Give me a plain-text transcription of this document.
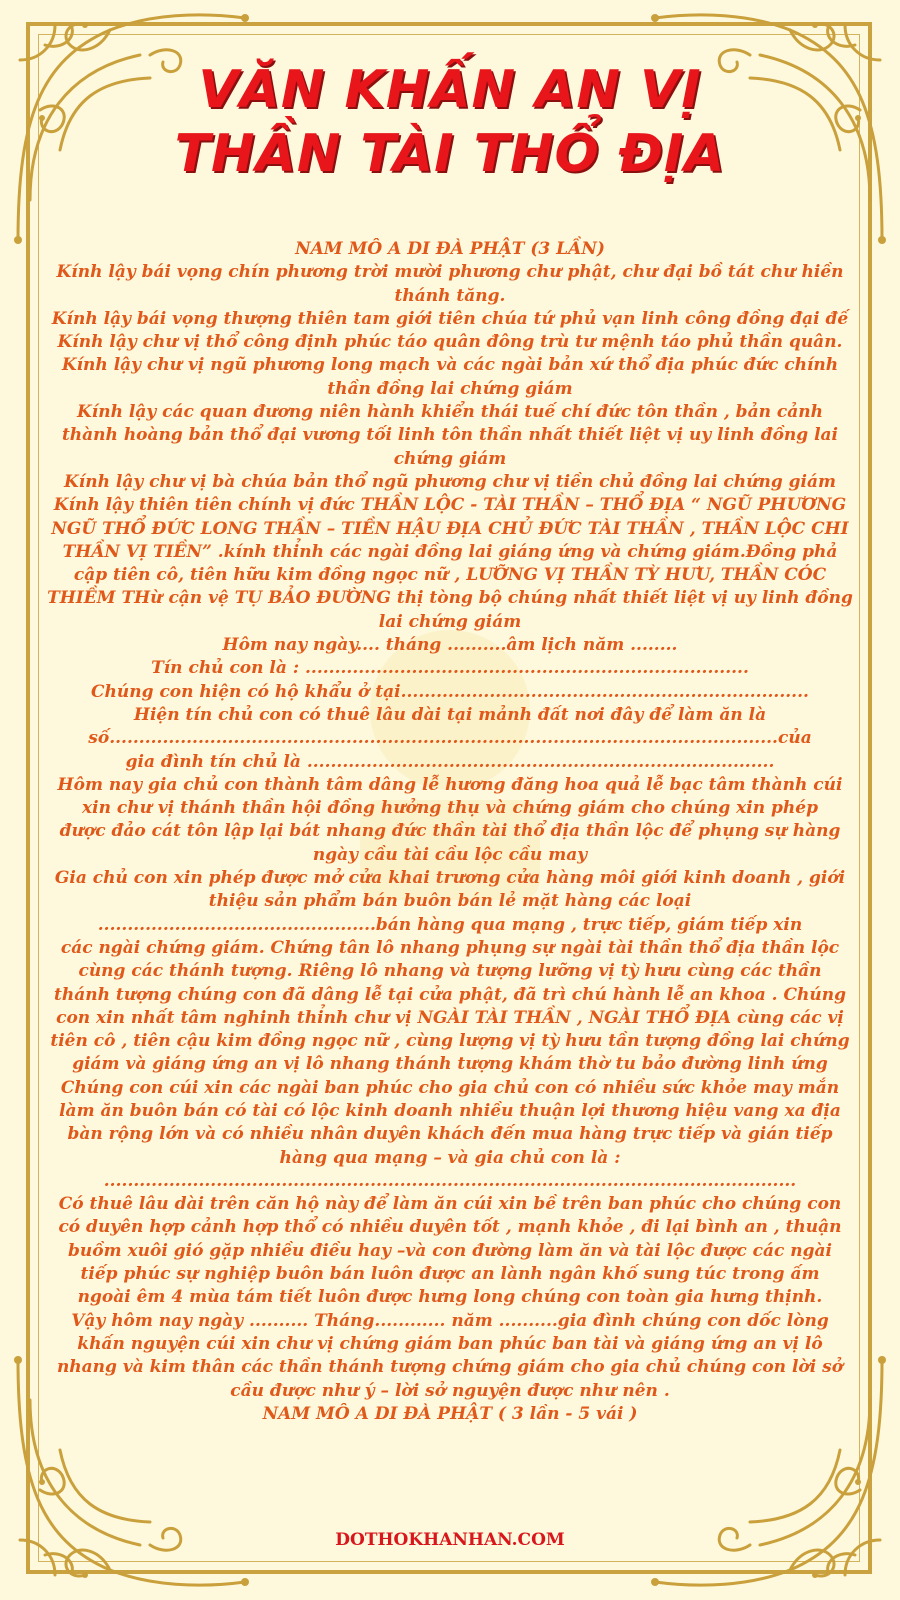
VĂN KHẤN AN VỊ
THẦN TÀI THỔ ĐỊA

NAM MÔ A DI ĐÀ PHẬT (3 LẦN)

Kính lậy bái vọng chín phương trời mười phương chư phật, chư đại bồ tát chư hiền

thánh tăng.

Kính lậy bái vọng thượng thiên tam giới tiên chúa tứ phủ vạn linh công đồng đại đế

Kính lậy chư vị thổ công định phúc táo quân đông trù tư mệnh táo phủ thần quân.

Kính lậy chư vị ngũ phương long mạch và các ngài bản xứ thổ địa phúc đức chính

thần đồng lai chứng giám

Kính lậy các quan đương niên hành khiển thái tuế chí đức tôn thần , bản cảnh

thành hoàng bản thổ đại vương tối linh tôn thần nhất thiết liệt vị uy linh đồng lai

chứng giám

Kính lậy chư vị bà chúa bản thổ ngũ phương chư vị tiền chủ đồng lai chứng giám

Kính lậy thiên tiên chính vị đức THẦN LỘC - TÀI THẦN – THỔ ĐỊA “ NGŨ PHƯƠNG

NGŨ THỔ ĐỨC LONG THẦN – TIỀN HẬU ĐỊA CHỦ ĐỨC TÀI THẦN , THẦN LỘC CHI

THẦN VỊ TIỀN” .kính thỉnh các ngài đồng lai giáng ứng và chứng giám.Đồng phả

cập tiên cô, tiên hữu kim đồng ngọc nữ , LƯỠNG VỊ THẦN TỲ HƯU, THẦN CÓC

THIỀM THừ cận vệ TỤ BẢO ĐƯỜNG thị tòng bộ chúng nhất thiết liệt vị uy linh đồng

lai chứng giám

Hôm nay ngày.... tháng ..........âm lịch năm ........

Tín chủ con là : ...........................................................................

Chúng con hiện có hộ khẩu ở tại.....................................................................

Hiện tín chủ con có thuê lâu dài tại mảnh đất nơi đây để làm ăn là

số.................................................................................................................của

gia đình tín chủ là ...............................................................................

Hôm nay gia chủ con thành tâm dâng lễ hương đăng hoa quả lễ bạc tâm thành cúi

xin chư vị thánh thần hội đồng hưởng thụ và chứng giám cho chúng xin phép

được đảo cát tôn lập lại bát nhang đức thần tài thổ địa thần lộc để phụng sự hàng

ngày cầu tài cầu lộc cầu may

Gia chủ con xin phép được mở cửa khai trương cửa hàng môi giới kinh doanh , giới

thiệu sản phẩm bán buôn bán lẻ mặt hàng các loại

...............................................bán hàng qua mạng , trực tiếp, giám tiếp xin

các ngài chứng giám. Chứng tân lô nhang phụng sự ngài tài thần thổ địa thần lộc

cùng các thánh tượng. Riêng lô nhang và tượng lưỡng vị tỳ hưu cùng các thần

thánh tượng chúng con đã dâng lễ tại cửa phật, đã trì chú hành lễ an khoa . Chúng

con xin nhất tâm nghinh thỉnh chư vị NGÀI TÀI THẦN , NGÀI THỔ ĐỊA cùng các vị

tiên cô , tiên cậu kim đồng ngọc nữ , cùng lượng vị tỳ hưu tần tượng đồng lai chứng

giám và giáng ứng an vị lô nhang thánh tượng khám thờ tu bảo đường linh ứng

Chúng con cúi xin các ngài ban phúc cho gia chủ con có nhiều sức khỏe may mắn

làm ăn buôn bán có tài có lộc kinh doanh nhiều thuận lợi thương hiệu vang xa địa

bàn rộng lớn và có nhiều nhân duyên khách đến mua hàng trực tiếp và gián tiếp

hàng qua mạng – và gia chủ con là :

.....................................................................................................................

Có thuê lâu dài trên căn hộ này để làm ăn cúi xin bề trên ban phúc cho chúng con

có duyên hợp cảnh hợp thổ có nhiều duyên tốt , mạnh khỏe , đi lại bình an , thuận

buồm xuôi gió gặp nhiều điều hay –và con đường làm ăn và tài lộc được các ngài

tiếp phúc sự nghiệp buôn bán luôn được an lành ngân khố sung túc trong ấm

ngoài êm 4 mùa tám tiết luôn được hưng long chúng con toàn gia hưng thịnh.

Vậy hôm nay ngày .......... Tháng............ năm ..........gia đình chúng con dốc lòng

khấn nguyện cúi xin chư vị chứng giám ban phúc ban tài và giáng ứng an vị lô

nhang và kim thân các thần thánh tượng chứng giám cho gia chủ chúng con lời sở

cầu được như ý – lời sở nguyện được như nên .

NAM MÔ A DI ĐÀ PHẬT ( 3 lần - 5 vái )

DOTHOKHANHAN.COM
